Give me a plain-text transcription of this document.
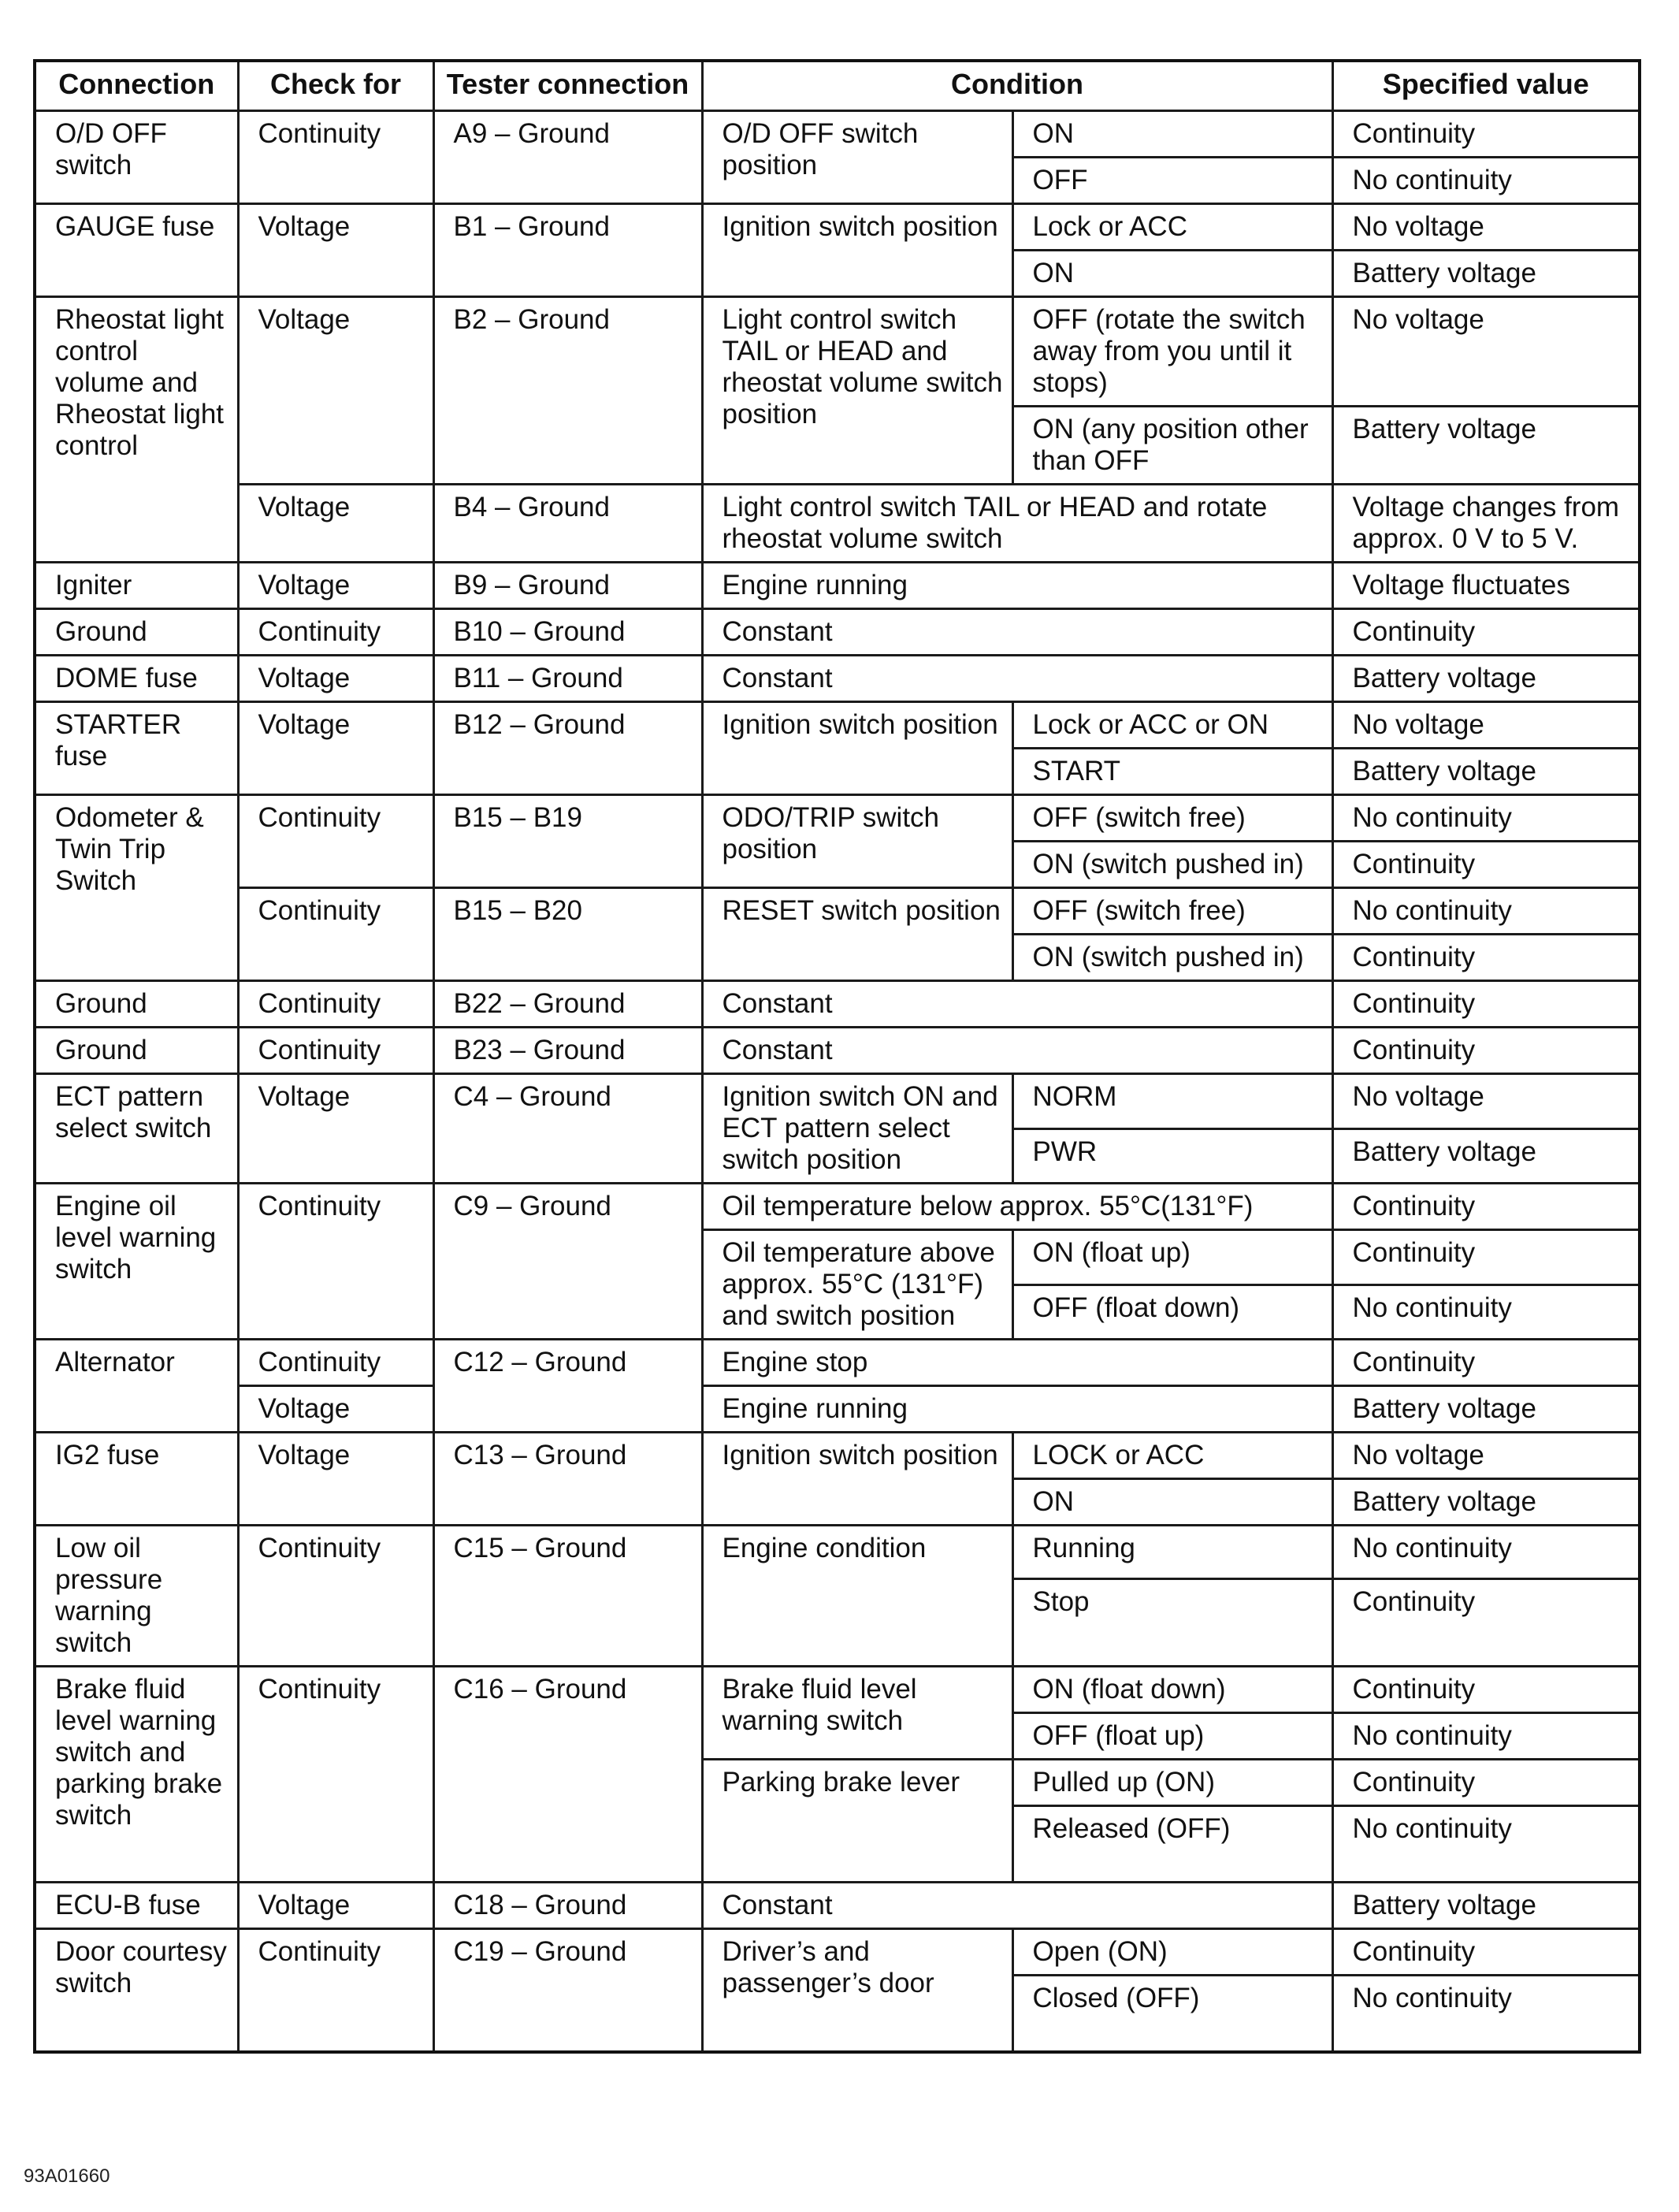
Connection	Check for	Tester connection	Condition		Specified value
O/D OFF switch	Continuity	A9 – Ground	O/D OFF switch position	ON	Continuity
				OFF	No continuity
GAUGE fuse	Voltage	B1 – Ground	Ignition switch position	Lock or ACC	No voltage
				ON	Battery voltage
Rheostat light control volume and Rheostat light control	Voltage	B2 – Ground	Light control switch TAIL or HEAD and rheostat volume switch position	OFF (rotate the switch away from you until it stops)	No voltage
				ON (any position other than OFF	Battery voltage
	Voltage	B4 – Ground	Light control switch TAIL or HEAD and rotate rheostat volume switch		Voltage changes from approx. 0 V to 5 V.
Igniter	Voltage	B9 – Ground	Engine running		Voltage fluctuates
Ground	Continuity	B10 – Ground	Constant		Continuity
DOME fuse	Voltage	B11 – Ground	Constant		Battery voltage
STARTER fuse	Voltage	B12 – Ground	Ignition switch position	Lock or ACC or ON	No voltage
				START	Battery voltage
Odometer & Twin Trip Switch	Continuity	B15 – B19	ODO/TRIP switch position	OFF (switch free)	No continuity
				ON (switch pushed in)	Continuity
	Continuity	B15 – B20	RESET switch position	OFF (switch free)	No continuity
				ON (switch pushed in)	Continuity
Ground	Continuity	B22 – Ground	Constant		Continuity
Ground	Continuity	B23 – Ground	Constant		Continuity
ECT pattern select switch	Voltage	C4 – Ground	Ignition switch ON and ECT pattern select switch position	NORM	No voltage
				PWR	Battery voltage
Engine oil level warning switch	Continuity	C9 – Ground	Oil temperature below approx. 55°C(131°F)		Continuity
			Oil temperature above approx. 55°C (131°F) and switch position	ON (float up)	Continuity
				OFF (float down)	No continuity
Alternator	Continuity	C12 – Ground	Engine stop		Continuity
	Voltage		Engine running		Battery voltage
IG2 fuse	Voltage	C13 – Ground	Ignition switch position	LOCK or ACC	No voltage
				ON	Battery voltage
Low oil pressure warning switch	Continuity	C15 – Ground	Engine condition	Running	No continuity
				Stop	Continuity
Brake fluid level warning switch and parking brake switch	Continuity	C16 – Ground	Brake fluid level warning switch	ON (float down)	Continuity
				OFF (float up)	No continuity
			Parking brake lever	Pulled up (ON)	Continuity
				Released (OFF)	No continuity
ECU-B fuse	Voltage	C18 – Ground	Constant		Battery voltage
Door courtesy switch	Continuity	C19 – Ground	Driver’s and passenger’s door	Open (ON)	Continuity
				Closed (OFF)	No continuity
93A01660
